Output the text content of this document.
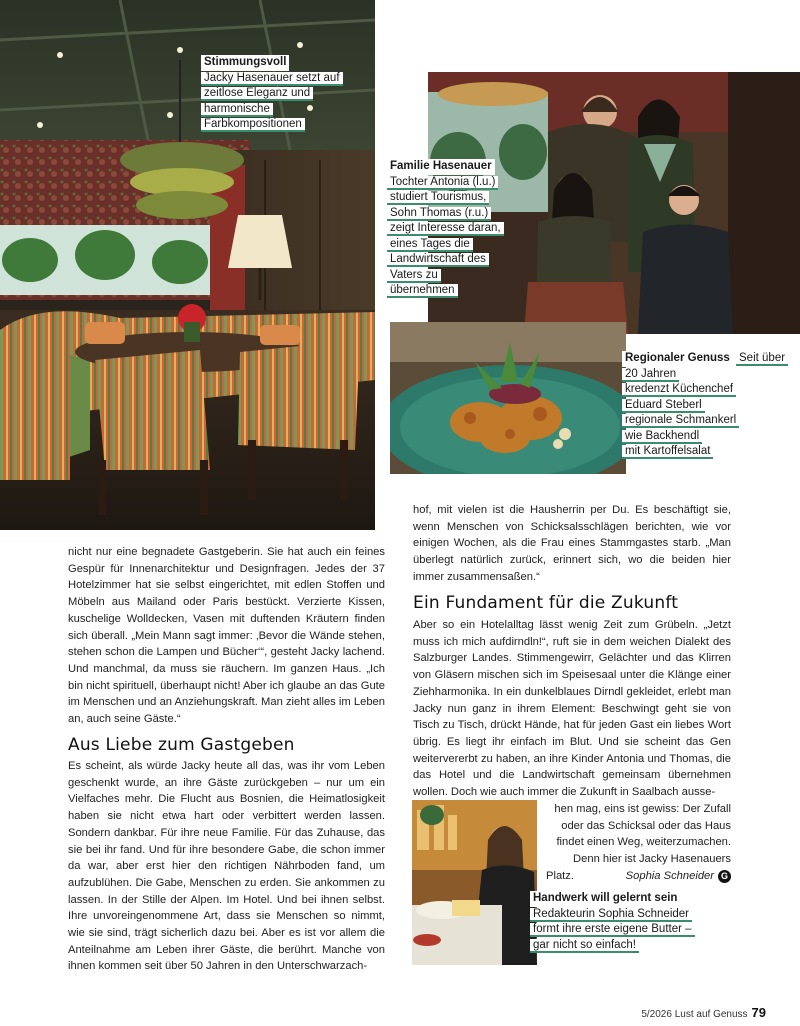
Stimmungsvoll
Jacky Hasenauer setzt auf
zeitlose Eleganz und
harmonische Farbkompositionen
Familie Hasenauer Tochter Antonia (l.u.)
studiert Tourismus,
Sohn Thomas (r.u.)
zeigt Interesse daran,
eines Tages die
Landwirtschaft des
Vaters zu
übernehmen
Regionaler Genuss Seit über 20 Jahren
kredenzt Küchenchef
Eduard Steberl
regionale Schmankerl
wie Backhendl
mit Kartoffelsalat
Handwerk will gelernt sein Redakteurin Sophia Schneider
formt ihre erste eigene Butter –
gar nicht so einfach!

nicht nur eine begnadete Gastgeberin. Sie hat auch ein feines Gespür für Innenarchitektur und Designfragen. Jedes der 37 Hotelzimmer hat sie selbst eingerichtet, mit edlen Stoffen und Möbeln aus Mailand oder Paris bestückt. Verzierte Kissen, kuschelige Wolldecken, Vasen mit duftenden Kräutern finden sich überall. „Mein Mann sagt immer: ‚Bevor die Wände stehen, stehen schon die Lampen und Bücher‘“, gesteht Jacky lachend. Und manchmal, da muss sie räuchern. Im ganzen Haus. „Ich bin nicht spirituell, überhaupt nicht! Aber ich glaube an das Gute im Menschen und an Anziehungskraft. Man zieht alles im Leben an, auch seine Gäste.“

Aus Liebe zum Gastgeben

Es scheint, als würde Jacky heute all das, was ihr vom Leben geschenkt wurde, an ihre Gäste zurückgeben – nur um ein Vielfaches mehr. Die Flucht aus Bosnien, die Heimatlosigkeit haben sie nicht etwa hart oder verbittert werden lassen. Sondern dankbar. Für ihre neue Familie. Für das Zuhause, das sie bei ihr fand. Und für ihre besondere Gabe, die schon immer da war, aber erst hier den richtigen Nährboden fand, um aufzublühen. Die Gabe, Menschen zu erden. Sie ankommen zu lassen. In der Stille der Alpen. Im Hotel. Und bei ihnen selbst. Ihre unvoreingenommene Art, dass sie Menschen so nimmt, wie sie sind, trägt sicherlich dazu bei. Aber es ist vor allem die Anteilnahme am Leben ihrer Gäste, die berührt. Manche von ihnen kommen seit über 50 Jahren in den Unterschwarzach-

hof, mit vielen ist die Hausherrin per Du. Es beschäftigt sie, wenn Menschen von Schicksalsschlägen berichten, wie vor einigen Wochen, als die Frau eines Stammgastes starb. „Man überlegt natürlich zurück, erinnert sich, wo die beiden hier immer zusammensaßen.“

Ein Fundament für die Zukunft

Aber so ein Hotelalltag lässt wenig Zeit zum Grübeln. „Jetzt muss ich mich aufdirndln!“, ruft sie in dem weichen Dialekt des Salzburger Landes. Stimmengewirr, Gelächter und das Klirren von Gläsern mischen sich im Speisesaal unter die Klänge einer Ziehharmonika. In ein dunkelblaues Dirndl gekleidet, erlebt man Jacky nun ganz in ihrem Element: Beschwingt geht sie von Tisch zu Tisch, drückt Hände, hat für jeden Gast ein liebes Wort übrig. Es liegt ihr einfach im Blut. Und sie scheint das Gen weitervererbt zu haben, an ihre Kinder Antonia und Thomas, die das Hotel und die Landwirtschaft gemeinsam übernehmen wollen. Doch wie auch immer die Zukunft in Saalbach ausse-

hen mag, eins ist gewiss: Der Zufall

oder das Schicksal oder das Haus

findet einen Weg, weiterzumachen.

Denn hier ist Jacky Hasenauers

Platz.	Sophia Schneider G

5/2026 Lust auf Genuss 79
